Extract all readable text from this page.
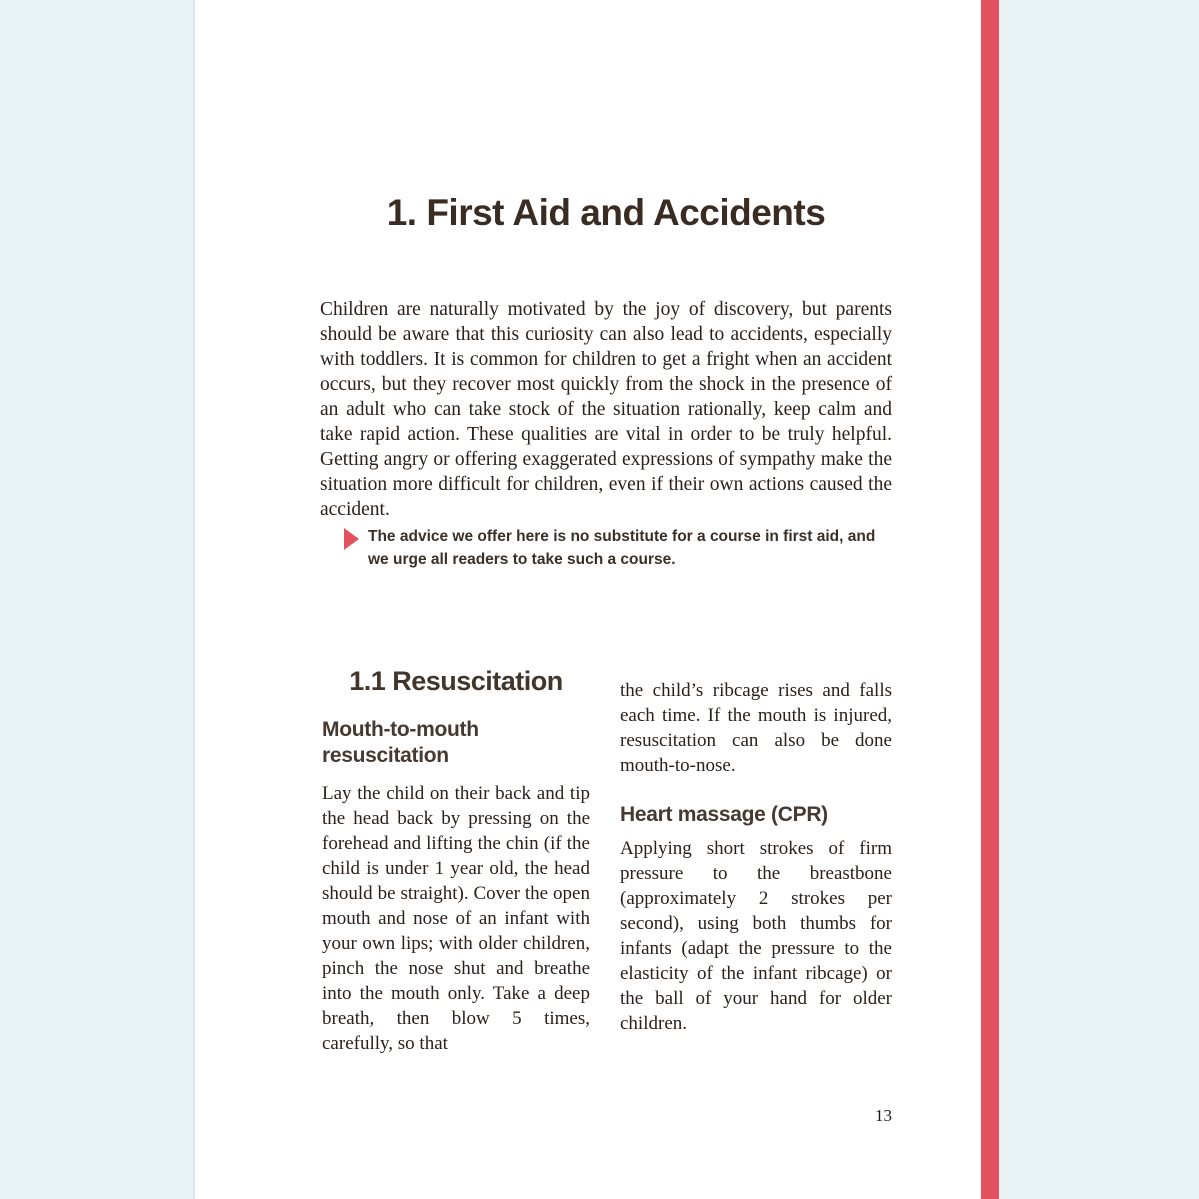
1. First Aid and Accidents

Children are naturally motivated by the joy of discovery, but parents should be aware that this curiosity can also lead to accidents, especially with toddlers. It is common for children to get a fright when an accident occurs, but they recover most quickly from the shock in the presence of an adult who can take stock of the situation rationally, keep calm and take rapid action. These qualities are vital in order to be truly helpful. Getting angry or offering exaggerated expressions of sympathy make the situation more difficult for children, even if their own actions caused the accident.

The advice we offer here is no substitute for a course in first aid, and we urge all readers to take such a course.

1.1 Resuscitation
Mouth-to-mouth resuscitation

Lay the child on their back and tip the head back by pressing on the forehead and lifting the chin (if the child is under 1 year old, the head should be straight). Cover the open mouth and nose of an infant with your own lips; with older children, pinch the nose shut and breathe into the mouth only. Take a deep breath, then blow 5 times, carefully, so that

the child’s ribcage rises and falls each time. If the mouth is injured, resuscitation can also be done mouth-to-nose.

Heart massage (CPR)

Applying short strokes of firm pressure to the breastbone (approximately 2 strokes per second), using both thumbs for infants (adapt the pressure to the elasticity of the infant ribcage) or the ball of your hand for older children.

13
